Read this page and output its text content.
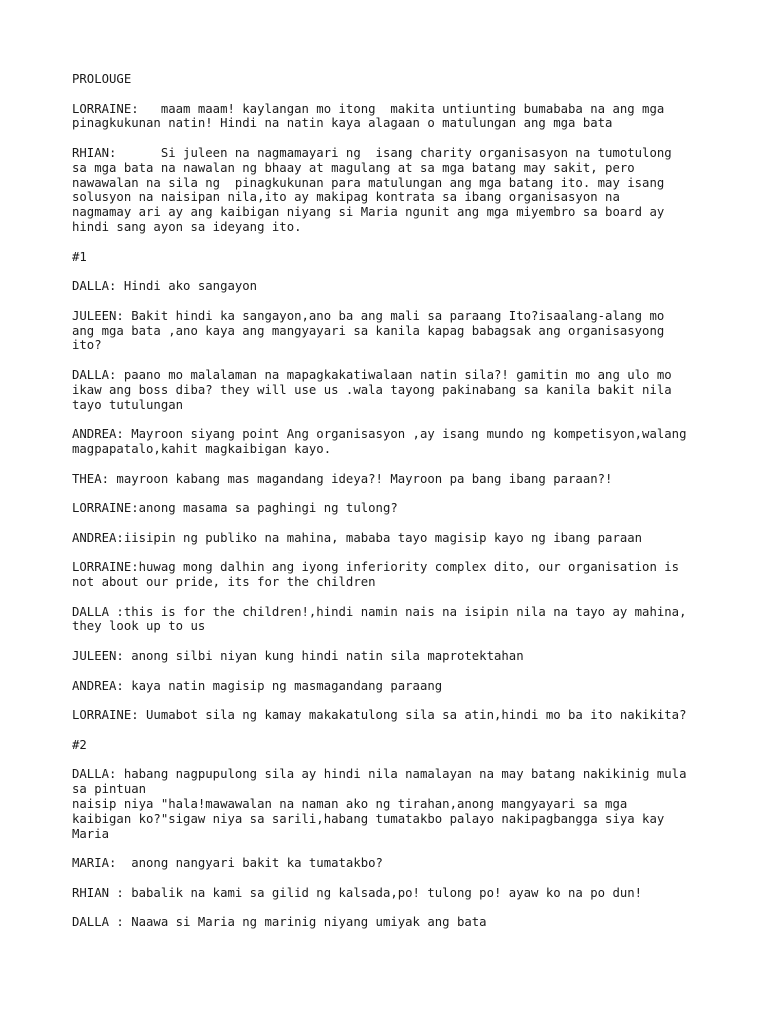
PROLOUGE
LORRAINE:   maam maam! kaylangan mo itong  makita untiunting bumababa na ang mga
pinagkukunan natin! Hindi na natin kaya alagaan o matulungan ang mga bata
RHIAN:      Si juleen na nagmamayari ng  isang charity organisasyon na tumotulong
sa mga bata na nawalan ng bhaay at magulang at sa mga batang may sakit, pero
nawawalan na sila ng  pinagkukunan para matulungan ang mga batang ito. may isang
solusyon na naisipan nila,ito ay makipag kontrata sa ibang organisasyon na
nagmamay ari ay ang kaibigan niyang si Maria ngunit ang mga miyembro sa board ay
hindi sang ayon sa ideyang ito.
#1
DALLA: Hindi ako sangayon
JULEEN: Bakit hindi ka sangayon,ano ba ang mali sa paraang Ito?isaalang-alang mo
ang mga bata ,ano kaya ang mangyayari sa kanila kapag babagsak ang organisasyong
ito?
DALLA: paano mo malalaman na mapagkakatiwalaan natin sila?! gamitin mo ang ulo mo
ikaw ang boss diba? they will use us .wala tayong pakinabang sa kanila bakit nila
tayo tutulungan
ANDREA: Mayroon siyang point Ang organisasyon ,ay isang mundo ng kompetisyon,walang
magpapatalo,kahit magkaibigan kayo.
THEA: mayroon kabang mas magandang ideya?! Mayroon pa bang ibang paraan?!
LORRAINE:anong masama sa paghingi ng tulong?
ANDREA:iisipin ng publiko na mahina, mababa tayo magisip kayo ng ibang paraan
LORRAINE:huwag mong dalhin ang iyong inferiority complex dito, our organisation is
not about our pride, its for the children
DALLA :this is for the children!,hindi namin nais na isipin nila na tayo ay mahina,
they look up to us
JULEEN: anong silbi niyan kung hindi natin sila maprotektahan
ANDREA: kaya natin magisip ng masmagandang paraang
LORRAINE: Uumabot sila ng kamay makakatulong sila sa atin,hindi mo ba ito nakikita?
#2
DALLA: habang nagpupulong sila ay hindi nila namalayan na may batang nakikinig mula
sa pintuan
naisip niya "hala!mawawalan na naman ako ng tirahan,anong mangyayari sa mga
kaibigan ko?"sigaw niya sa sarili,habang tumatakbo palayo nakipagbangga siya kay
Maria
MARIA:  anong nangyari bakit ka tumatakbo?
RHIAN : babalik na kami sa gilid ng kalsada,po! tulong po! ayaw ko na po dun!
DALLA : Naawa si Maria ng marinig niyang umiyak ang bata
